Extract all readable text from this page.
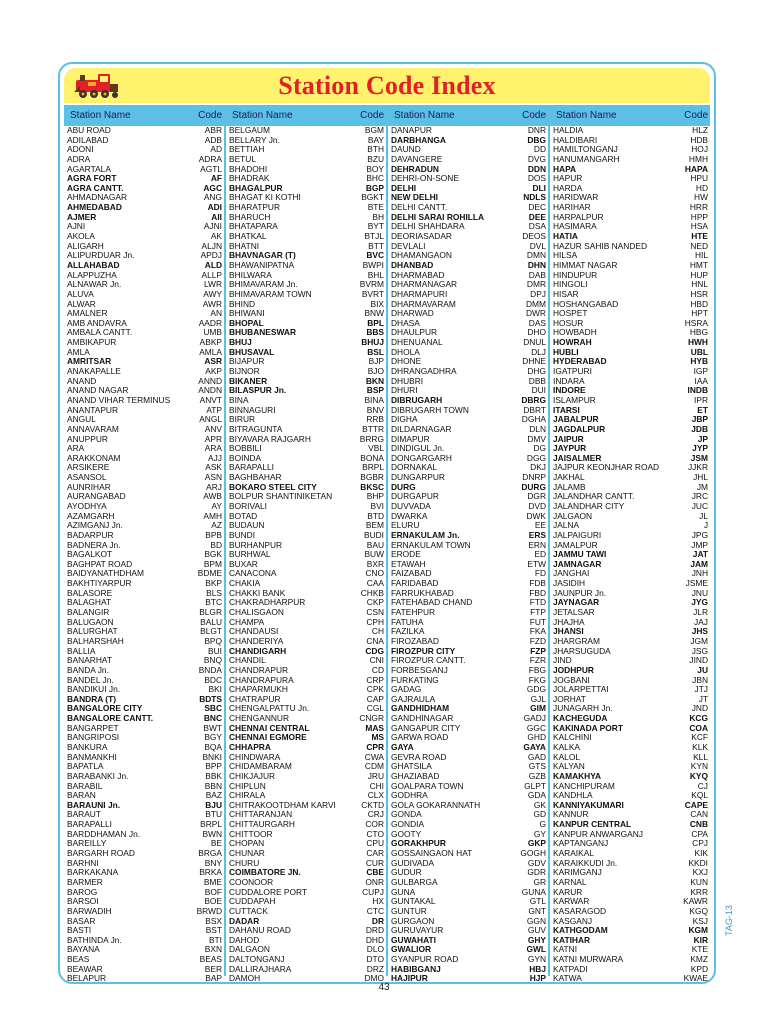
Station Code Index
Station Name	Code Station Name	Code Station Name	Code Station Name	Code
ABU ROAD	ABR
ADILABAD	ADB
ADONI	AD
ADRA	ADRA
AGARTALA	AGTL
AGRA FORT	AF
AGRA CANTT.	AGC
AHMADNAGAR	ANG
AHMEDABAD	ADI
AJMER	AII
AJNI	AJNI
AKOLA	AK
ALIGARH	ALJN
ALIPURDUAR Jn.	APDJ
ALLAHABAD	ALD
ALAPPUZHA	ALLP
ALNAWAR Jn.	LWR
ALUVA	AWY
ALWAR	AWR
AMALNER	AN
AMB ANDAVRA	AADR
AMBALA CANTT.	UMB
AMBIKAPUR	ABKP
AMLA	AMLA
AMRITSAR	ASR
ANAKAPALLE	AKP
ANAND	ANND
ANAND NAGAR	ANDN
ANAND VIHAR TERMINUS	ANVT
ANANTAPUR	ATP
ANGUL	ANGL
ANNAVARAM	ANV
ANUPPUR	APR
ARA	ARA
ARAKKONAM	AJJ
ARSIKERE	ASK
ASANSOL	ASN
AUNRIHAR	ARJ
AURANGABAD	AWB
AYODHYA	AY
AZAMGARH	AMH
AZIMGANJ Jn.	AZ
BADARPUR	BPB
BADNERA Jn.	BD
BAGALKOT	BGK
BAGHPAT ROAD	BPM
BAIDYANATHDHAM	BDME
BAKHTIYARPUR	BKP
BALASORE	BLS
BALAGHAT	BTC
BALANGIR	BLGR
BALUGAON	BALU
BALURGHAT	BLGT
BALHARSHAH	BPQ
BALLIA	BUI
BANARHAT	BNQ
BANDA Jn.	BNDA
BANDEL Jn.	BDC
BANDIKUI Jn.	BKI
BANDRA (T)	BDTS
BANGALORE CITY	SBC
BANGALORE CANTT.	BNC
BANGARPET	BWT
BANGRIPOSI	BGY
BANKURA	BQA
BANMANKHI	BNKI
BAPATLA	BPP
BARABANKI Jn.	BBK
BARABIL	BBN
BARAN	BAZ
BARAUNI Jn.	BJU
BARAUT	BTU
BARAPALLI	BRPL
BARDDHAMAN Jn.	BWN
BAREILLY	BE
BARGARH ROAD	BRGA
BARHNI	BNY
BARKAKANA	BRKA
BARMER	BME
BAROG	BOF
BARSOI	BOE
BARWADIH	BRWD
BASAR	BSX
BASTI	BST
BATHINDA Jn.	BTI
BAYANA	BXN
BEAS	BEAS
BEAWAR	BER
BELAPUR	BAP
BELGAUM	BGM
BELLARY Jn.	BAY
BETTIAH	BTH
BETUL	BZU
BHADOHI	BOY
BHADRAK	BHC
BHAGALPUR	BGP
BHAGAT KI KOTHI	BGKT
BHARATPUR	BTE
BHARUCH	BH
BHATAPARA	BYT
BHATKAL	BTJL
BHATNI	BTT
BHAVNAGAR (T)	BVC
BHAWANIPATNA	BWPI
BHILWARA	BHL
BHIMAVARAM Jn.	BVRM
BHIMAVARAM TOWN	BVRT
BHIND	BIX
BHIWANI	BNW
BHOPAL	BPL
BHUBANESWAR	BBS
BHUJ	BHUJ
BHUSAVAL	BSL
BIJAPUR	BJP
BIJNOR	BJO
BIKANER	BKN
BILASPUR Jn.	BSP
BINA	BINA
BINNAGURI	BNV
BIRUR	RRB
BITRAGUNTA	BTTR
BIYAVARA RAJGARH	BRRG
BOBBILI	VBL
BOINDA	BONA
BARAPALLI	BRPL
BAGHBAHAR	BGBR
BOKARO STEEL CITY	BKSC
BOLPUR SHANTINIKETAN	BHP
BORIVALI	BVI
BOTAD	BTD
BUDAUN	BEM
BUNDI	BUDI
BURHANPUR	BAU
BURHWAL	BUW
BUXAR	BXR
CANACONA	CNO
CHAKIA	CAA
CHAKKI BANK	CHKB
CHAKRADHARPUR	CKP
CHALISGAON	CSN
CHAMPA	CPH
CHANDAUSI	CH
CHANDERIYA	CNA
CHANDIGARH	CDG
CHANDIL	CNI
CHANDRAPUR	CD
CHANDRAPURA	CRP
CHAPARMUKH	CPK
CHATRAPUR	CAP
CHENGALPATTU Jn.	CGL
CHENGANNUR	CNGR
CHENNAI CENTRAL	MAS
CHENNAI EGMORE	MS
CHHAPRA	CPR
CHINDWARA	CWA
CHIDAMBARAM	CDM
CHIKJAJUR	JRU
CHIPLUN	CHI
CHIRALA	CLX
CHITRAKOOTDHAM KARVI	CKTD
CHITTARANJAN	CRJ
CHITTAURGARH	COR
CHITTOOR	CTO
CHOPAN	CPU
CHUNAR	CAR
CHURU	CUR
COIMBATORE JN.	CBE
COONOOR	ONR
CUDDALORE PORT	CUPJ
CUDDAPAH	HX
CUTTACK	CTC
DADAR	DR
DAHANU ROAD	DRD
DAHOD	DHD
DALGAON	DLO
DALTONGANJ	DTO
DALLIRAJHARA	DRZ
DAMOH	DMO
DANAPUR	DNR
DARBHANGA	DBG
DAUND	DD
DAVANGERE	DVG
DEHRADUN	DDN
DEHRI-ON-SONE	DOS
DELHI	DLI
NEW DELHI	NDLS
DELHI CANTT.	DEC
DELHI SARAI ROHILLA	DEE
DELHI SHAHDARA	DSA
DEORIASADAR	DEOS
DEVLALI	DVL
DHAMANGAON	DMN
DHANBAD	DHN
DHARMABAD	DAB
DHARMANAGAR	DMR
DHARMAPURI	DPJ
DHARMAVARAM	DMM
DHARWAD	DWR
DHASA	DAS
DHAULPUR	DHO
DHENUANAL	DNUL
DHOLA	DLJ
DHONE	DHNE
DHRANGADHRA	DHG
DHUBRI	DBB
DHURI	DUI
DIBRUGARH	DBRG
DIBRUGARH TOWN	DBRT
DIGHA	DGHA
DILDARNAGAR	DLN
DIMAPUR	DMV
DINDIGUL Jn.	DG
DONGARGARH	DGG
DORNAKAL	DKJ
DUNGARPUR	DNRP
DURG	DURG
DURGAPUR	DGR
DUVVADA	DVD
DWARKA	DWK
ELURU	EE
ERNAKULAM Jn.	ERS
ERNAKULAM TOWN	ERN
ERODE	ED
ETAWAH	ETW
FAIZABAD	FD
FARIDABAD	FDB
FARRUKHABAD	FBD
FATEHABAD CHAND	FTD
FATEHPUR	FTP
FATUHA	FUT
FAZILKA	FKA
FIROZABAD	FZD
FIROZPUR CITY	FZP
FIROZPUR CANTT.	FZR
FORBESGANJ	FBG
FURKATING	FKG
GADAG	GDG
GAJRAULA	GJL
GANDHIDHAM	GIM
GANDHINAGAR	GADJ
GANGAPUR CITY	GGC
GARWA ROAD	GHD
GAYA	GAYA
GEVRA ROAD	GAD
GHATSILA	GTS
GHAZIABAD	GZB
GOALPARA TOWN	GLPT
GODHRA	GDA
GOLA GOKARANNATH	GK
GONDA	GD
GONDIA	G
GOOTY	GY
GORAKHPUR	GKP
GOSSAINGAON HAT	GOGH
GUDIVADA	GDV
GUDUR	GDR
GULBARGA	GR
GUNA	GUNA
GUNTAKAL	GTL
GUNTUR	GNT
GURGAON	GGN
GURUVAYUR	GUV
GUWAHATI	GHY
GWALIOR	GWL
GYANPUR ROAD	GYN
HABIBGANJ	HBJ
HAJIPUR	HJP
HALDIA	HLZ
HALDIBARI	HDB
HAMILTONGANJ	HOJ
HANUMANGARH	HMH
HAPA	HAPA
HAPUR	HPU
HARDA	HD
HARIDWAR	HW
HARIHAR	HRR
HARPALPUR	HPP
HASIMARA	HSA
HATIA	HTE
HAZUR SAHIB NANDED	NED
HILSA	HIL
HIMMAT NAGAR	HMT
HINDUPUR	HUP
HINGOLI	HNL
HISAR	HSR
HOSHANGABAD	HBD
HOSPET	HPT
HOSUR	HSRA
HOWBADH	HBG
HOWRAH	HWH
HUBLI	UBL
HYDERABAD	HYB
IGATPURI	IGP
INDARA	IAA
INDORE	INDB
ISLAMPUR	IPR
ITARSI	ET
JABALPUR	JBP
JAGDALPUR	JDB
JAIPUR	JP
JAYPUR	JYP
JAISALMER	JSM
JAJPUR KEONJHAR ROAD	JJKR
JAKHAL	JHL
JALAMB	JM
JALANDHAR CANTT.	JRC
JALANDHAR CITY	JUC
JALGAON	JL
JALNA	J
JALPAIGURI	JPG
JAMALPUR	JMP
JAMMU TAWI	JAT
JAMNAGAR	JAM
JANGHAI	JNH
JASIDIH	JSME
JAUNPUR Jn.	JNU
JAYNAGAR	JYG
JETALSAR	JLR
JHAJHA	JAJ
JHANSI	JHS
JHARGRAM	JGM
JHARSUGUDA	JSG
JIND	JIND
JODHPUR	JU
JOGBANI	JBN
JOLARPETTAI	JTJ
JORHAT	JT
JUNAGARH Jn.	JND
KACHEGUDA	KCG
KAKINADA PORT	COA
KALCHINI	KCF
KALKA	KLK
KALOL	KLL
KALYAN	KYN
KAMAKHYA	KYQ
KANCHIPURAM	CJ
KANDHLA	KQL
KANNIYAKUMARI	CAPE
KANNUR	CAN
KANPUR CENTRAL	CNB
KANPUR ANWARGANJ	CPA
KAPTANGANJ	CPJ
KARAIKAL	KIK
KARAIKKUDI Jn.	KKDI
KARIMGANJ	KXJ
KARNAL	KUN
KARUR	KRR
KARWAR	KAWR
KASARAGOD	KGQ
KASGANJ	KSJ
KATHGODAM	KGM
KATIHAR	KIR
KATNI	KTE
KATNI MURWARA	KMZ
KATPADI	KPD
KATWA	KWAE
43
TAG-13
